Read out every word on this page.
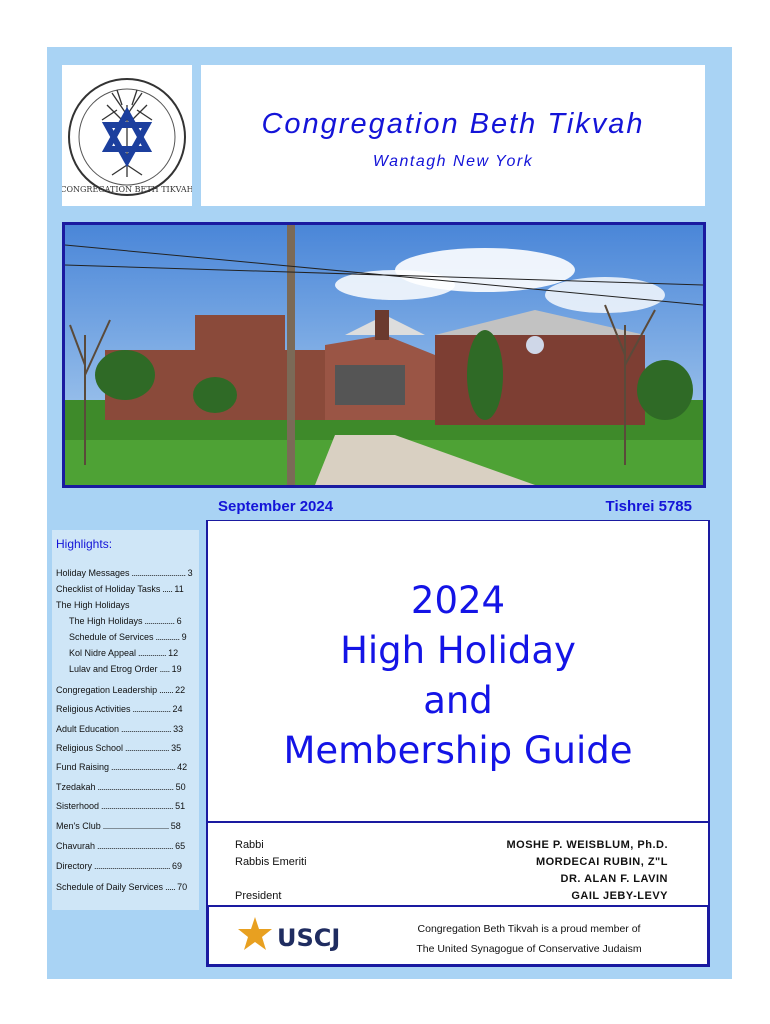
CONGREGATION BETH TIKVAH
Congregation Beth Tikvah
Wantagh New York
September 2024	Tishrei 5785
2024
High Holiday
and
Membership Guide
Rabbi
Rabbis Emeriti
President
MOSHE P. WEISBLUM, Ph.D.
MORDECAI RUBIN, Z"L
DR. ALAN F. LAVIN
GAIL JEBY-LEVY
USCJ	Congregation Beth Tikvah is a proud member of
The United Synagogue of Conservative Judaism
Highlights:
Holiday Messages ........................... 3
Checklist of Holiday Tasks ..... 11
The High Holidays
The High Holidays ............... 6
Schedule of Services ............ 9
Kol Nidre Appeal .............. 12
Lulav and Etrog Order ..... 19
Congregation Leadership ....... 22
Religious Activities ................... 24
Adult Education ......................... 33
Religious School ...................... 35
Fund Raising ................................ 42
Tzedakah ...................................... 50
Sisterhood .................................... 51
Men's Club ................................. 58
Chavurah ...................................... 65
Directory ...................................... 69
Schedule of Daily Services ..... 70
